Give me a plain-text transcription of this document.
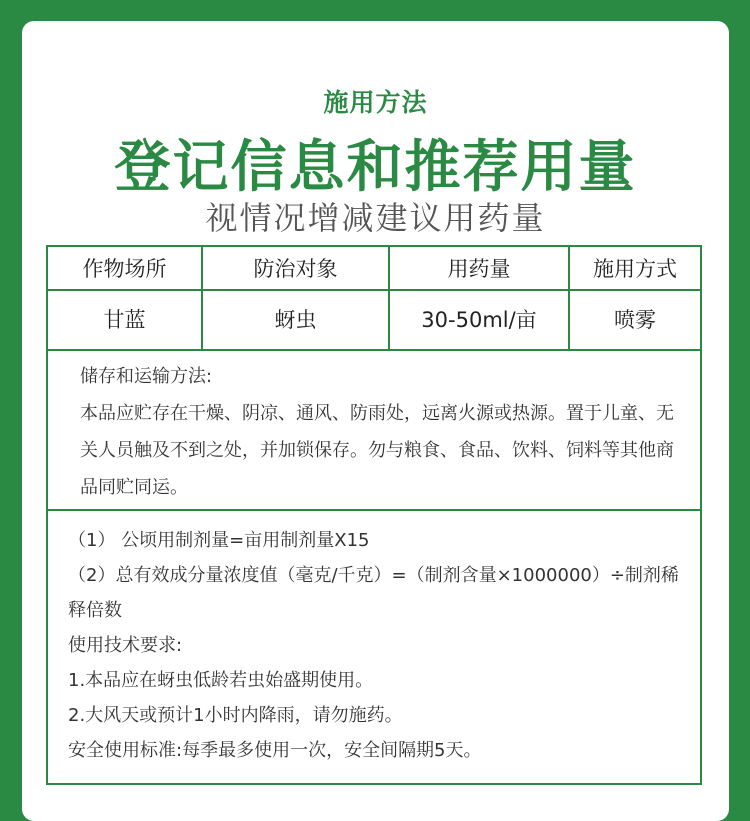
施用方法
登记信息和推荐用量
视情况增减建议用药量
作物场所	防治对象	用药量	施用方式
甘蓝	蚜虫	30-50ml/亩	喷雾
储存和运输方法:
本品应贮存在干燥、阴凉、通风、防雨处，远离火源或热源。置于儿童、无关人员触及不到之处，并加锁保存。勿与粮食、食品、饮料、饲料等其他商品同贮同运。
（1） 公顷用制剂量=亩用制剂量X15
（2）总有效成分量浓度值（毫克/千克）=（制剂含量×1000000）÷制剂稀释倍数
使用技术要求:
1.本品应在蚜虫低龄若虫始盛期使用。
2.大风天或预计1小时内降雨，请勿施药。
安全使用标准:每季最多使用一次，安全间隔期5天。
